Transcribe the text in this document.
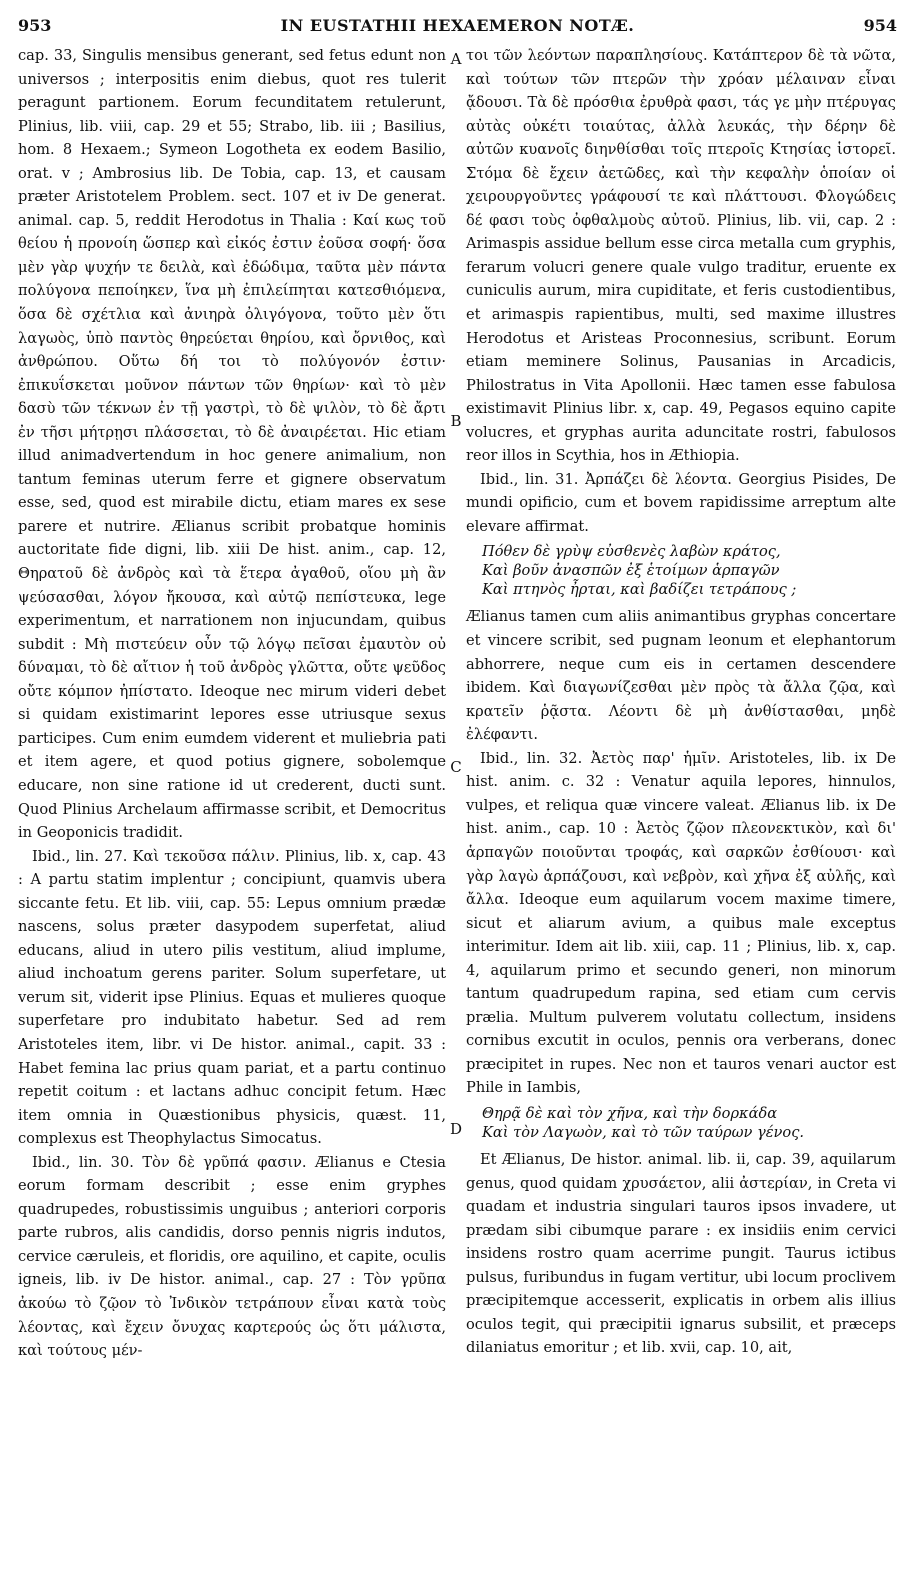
953	IN EUSTATHII HEXAEMERON NOTÆ.	954

cap. 33, Singulis mensibus generant, sed fetus edunt non universos ; interpositis enim diebus, quot res tulerit peragunt partionem. Eorum fecunditatem retulerunt, Plinius, lib. viii, cap. 29 et 55; Strabo, lib. iii ; Basilius, hom. 8 Hexaem.; Symeon Logotheta ex eodem Basilio, orat. v ; Ambrosius lib. De Tobia, cap. 13, et causam præter Aristotelem Problem. sect. 107 et iv De generat. animal. cap. 5, reddit Herodotus in Thalia : Καί κως τοῦ θείου ἡ προνοίη ὥσπερ καὶ εἰκός ἐστιν ἐοῦσα σοφή· ὅσα μὲν γὰρ ψυχήν τε δειλὰ, καὶ ἐδώδιμα, ταῦτα μὲν πάντα πολύγονα πεποίηκεν, ἵνα μὴ ἐπιλείπηται κατεσθιόμενα, ὅσα δὲ σχέτλια καὶ ἀνιηρὰ ὀλιγόγονα, τοῦτο μὲν ὅτι λαγωὸς, ὑπὸ παντὸς θηρεύεται θηρίου, καὶ ὄρνιθος, καὶ ἀνθρώπου. Οὕτω δή τοι τὸ πολύγονόν ἐστιν· ἐπικυΐσκεται μοῦνον πάντων τῶν θηρίων· καὶ τὸ μὲν δασὺ τῶν τέκνων ἐν τῇ γαστρὶ, τὸ δὲ ψιλὸν, τὸ δὲ ἄρτι ἐν τῆσι μήτρῃσι πλάσσεται, τὸ δὲ ἀναιρέεται. Hic etiam illud animadvertendum in hoc genere animalium, non tantum feminas uterum ferre et gignere observatum esse, sed, quod est mirabile dictu, etiam mares ex sese parere et nutrire. Ælianus scribit probatque hominis auctoritate fide digni, lib. xiii De hist. anim., cap. 12, Θηρατοῦ δὲ ἀνδρὸς καὶ τὰ ἕτερα ἀγαθοῦ, οἵου μὴ ἂν ψεύσασθαι, λόγον ἤκουσα, καὶ αὐτῷ πεπίστευκα, lege experimentum, et narrationem non injucundam, quibus subdit : Μὴ πιστεύειν οὖν τῷ λόγῳ πεῖσαι ἐμαυτὸν οὐ δύναμαι, τὸ δὲ αἴτιον ἡ τοῦ ἀνδρὸς γλῶττα, οὔτε ψεῦδος οὔτε κόμπον ἠπίστατο. Ideoque nec mirum videri debet si quidam existimarint lepores esse utriusque sexus participes. Cum enim eumdem viderent et muliebria pati et item agere, et quod potius gignere, sobolemque educare, non sine ratione id ut crederent, ducti sunt. Quod Plinius Archelaum affirmasse scribit, et Democritus in Geoponicis tradidit.

Ibid., lin. 27. Καὶ τεκοῦσα πάλιν. Plinius, lib. x, cap. 43 : A partu statim implentur ; concipiunt, quamvis ubera siccante fetu. Et lib. viii, cap. 55: Lepus omnium prædæ nascens, solus præter dasypodem superfetat, aliud educans, aliud in utero pilis vestitum, aliud implume, aliud inchoatum gerens pariter. Solum superfetare, ut verum sit, viderit ipse Plinius. Equas et mulieres quoque superfetare pro indubitato habetur. Sed ad rem Aristoteles item, libr. vi De histor. animal., capit. 33 : Habet femina lac prius quam pariat, et a partu continuo repetit coitum : et lactans adhuc concipit fetum. Hæc item omnia in Quæstionibus physicis, quæst. 11, complexus est Theophylactus Simocatus.

Ibid., lin. 30. Τὸν δὲ γρῦπά φασιν. Ælianus e Ctesia eorum formam describit ; esse enim gryphes quadrupedes, robustissimis unguibus ; anteriori corporis parte rubros, alis candidis, dorso pennis nigris indutos, cervice cæruleis, et floridis, ore aquilino, et capite, oculis igneis, lib. iv De histor. animal., cap. 27 : Τὸν γρῦπα ἀκούω τὸ ζῷον τὸ Ἰνδικὸν τετράπουν εἶναι κατὰ τοὺς λέοντας, καὶ ἔχειν ὄνυχας καρτερούς ὡς ὅτι μάλιστα, καὶ τούτους μέν-

A
B
C
D

τοι τῶν λεόντων παραπλησίους. Κατάπτερον δὲ τὰ νῶτα, καὶ τούτων τῶν πτερῶν τὴν χρόαν μέλαιναν εἶναι ᾄδουσι. Τὰ δὲ πρόσθια ἐρυθρὰ φασι, τάς γε μὴν πτέρυγας αὐτὰς οὐκέτι τοιαύτας, ἀλλὰ λευκάς, τὴν δέρην δὲ αὐτῶν κυανοῖς διηνθίσθαι τοῖς πτεροῖς Κτησίας ἱστορεῖ. Στόμα δὲ ἔχειν ἀετῶδες, καὶ τὴν κεφαλὴν ὁποίαν οἱ χειρουργοῦντες γράφουσί τε καὶ πλάττουσι. Φλογώδεις δέ φασι τοὺς ὀφθαλμοὺς αὐτοῦ. Plinius, lib. vii, cap. 2 : Arimaspis assidue bellum esse circa metalla cum gryphis, ferarum volucri genere quale vulgo traditur, eruente ex cuniculis aurum, mira cupiditate, et feris custodientibus, et arimaspis rapientibus, multi, sed maxime illustres Herodotus et Aristeas Proconnesius, scribunt. Eorum etiam meminere Solinus, Pausanias in Arcadicis, Philostratus in Vita Apollonii. Hæc tamen esse fabulosa existimavit Plinius libr. x, cap. 49, Pegasos equino capite volucres, et gryphas aurita aduncitate rostri, fabulosos reor illos in Scythia, hos in Æthiopia.

Ibid., lin. 31. Ἀρπάζει δὲ λέοντα. Georgius Pisides, De mundi opificio, cum et bovem rapidissime arreptum alte elevare affirmat.

Πόθεν δὲ γρὺψ εὐσθενὲς λαβὼν κράτος,
Καὶ βοῦν ἀνασπῶν ἐξ ἑτοίμων ἁρπαγῶν
Καὶ πτηνὸς ἦρται, καὶ βαδίζει τετράπους ;

Ælianus tamen cum aliis animantibus gryphas concertare et vincere scribit, sed pugnam leonum et elephantorum abhorrere, neque cum eis in certamen descendere ibidem. Καὶ διαγωνίζεσθαι μὲν πρὸς τὰ ἄλλα ζῷα, καὶ κρατεῖν ῥᾷστα. Λέοντι δὲ μὴ ἀνθίστασθαι, μηδὲ ἐλέφαντι.

Ibid., lin. 32. Ἀετὸς παρ' ἡμῖν. Aristoteles, lib. ix De hist. anim. c. 32 : Venatur aquila lepores, hinnulos, vulpes, et reliqua quæ vincere valeat. Ælianus lib. ix De hist. anim., cap. 10 : Ἀετὸς ζῷον πλεονεκτικὸν, καὶ δι' ἁρπαγῶν ποιοῦνται τροφάς, καὶ σαρκῶν ἐσθίουσι· καὶ γὰρ λαγὼ ἁρπάζουσι, καὶ νεβρὸν, καὶ χῆνα ἐξ αὐλῆς, καὶ ἄλλα. Ideoque eum aquilarum vocem maxime timere, sicut et aliarum avium, a quibus male exceptus interimitur. Idem ait lib. xiii, cap. 11 ; Plinius, lib. x, cap. 4, aquilarum primo et secundo generi, non minorum tantum quadrupedum rapina, sed etiam cum cervis prælia. Multum pulverem volutatu collectum, insidens cornibus excutit in oculos, pennis ora verberans, donec præcipitet in rupes. Nec non et tauros venari auctor est Phile in Iambis,

Θηρᾷ δὲ καὶ τὸν χῆνα, καὶ τὴν δορκάδα
Καὶ τὸν Λαγωὸν, καὶ τὸ τῶν ταύρων γένος.

Et Ælianus, De histor. animal. lib. ii, cap. 39, aquilarum genus, quod quidam χρυσάετον, alii ἀστερίαν, in Creta vi quadam et industria singulari tauros ipsos invadere, ut prædam sibi cibumque parare : ex insidiis enim cervici insidens rostro quam acerrime pungit. Taurus ictibus pulsus, furibundus in fugam vertitur, ubi locum proclivem præcipitemque accesserit, explicatis in orbem alis illius oculos tegit, qui præcipitii ignarus subsilit, et præceps dilaniatus emoritur ; et lib. xvii, cap. 10, ait,
